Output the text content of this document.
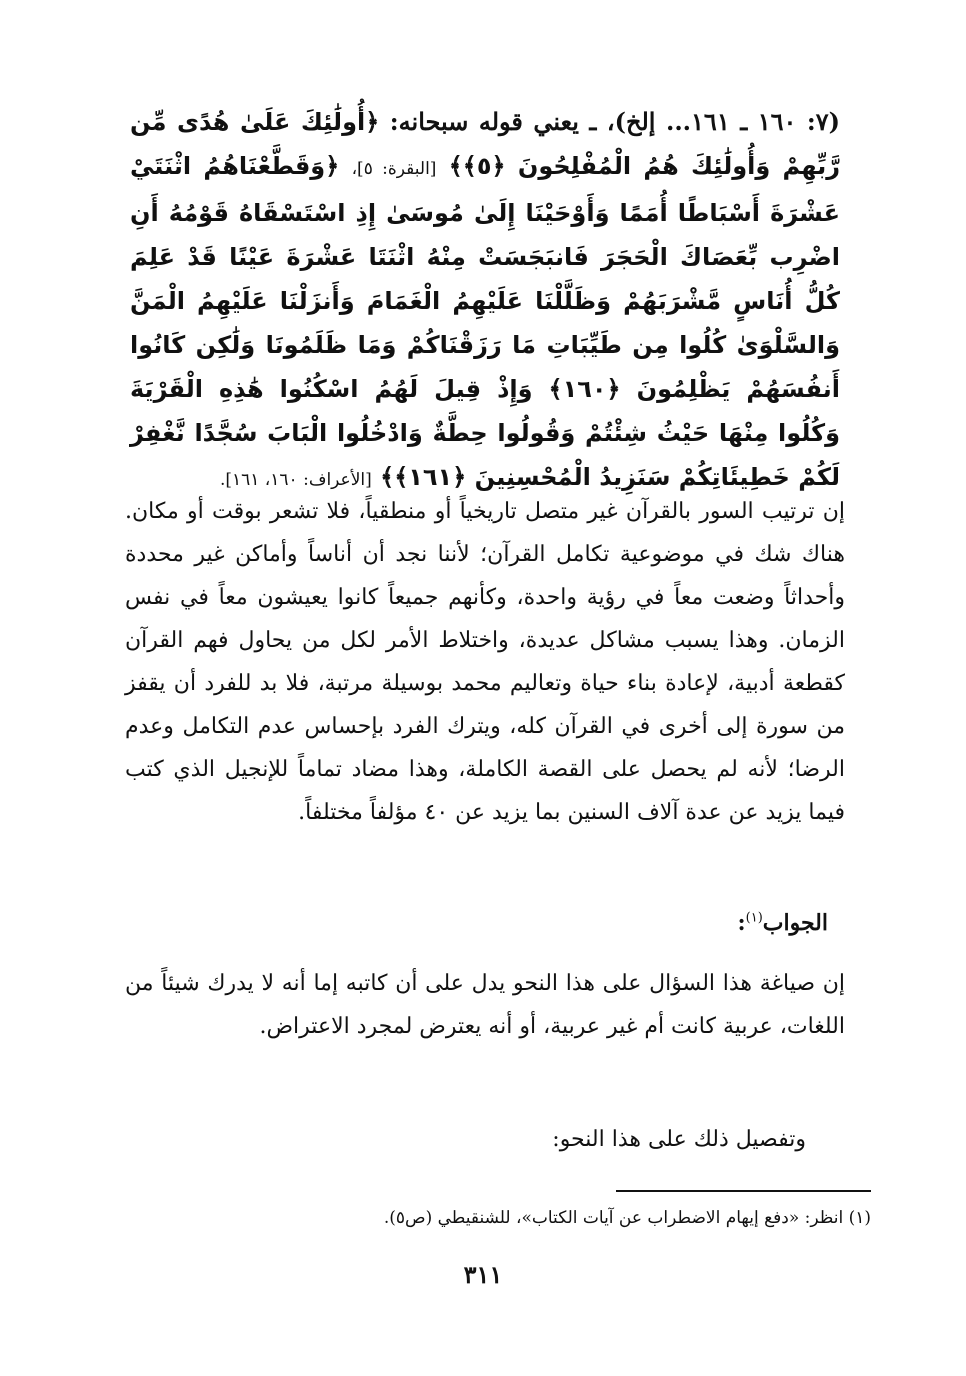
(٧: ١٦٠ ـ ١٦١... إلخ)، ـ يعني قوله سبحانه: ﴿أُولَٰئِكَ عَلَىٰ هُدًى مِّن رَّبِّهِمْ وَأُولَٰئِكَ هُمُ الْمُفْلِحُونَ ﴿٥﴾﴾ [البقرة: ٥]، ﴿وَقَطَّعْنَاهُمُ اثْنَتَيْ عَشْرَةَ أَسْبَاطًا أُمَمًا وَأَوْحَيْنَا إِلَىٰ مُوسَىٰ إِذِ اسْتَسْقَاهُ قَوْمُهُ أَنِ اضْرِب بِّعَصَاكَ الْحَجَرَ فَانبَجَسَتْ مِنْهُ اثْنَتَا عَشْرَةَ عَيْنًا قَدْ عَلِمَ كُلُّ أُنَاسٍ مَّشْرَبَهُمْ وَظَلَّلْنَا عَلَيْهِمُ الْغَمَامَ وَأَنزَلْنَا عَلَيْهِمُ الْمَنَّ وَالسَّلْوَىٰ كُلُوا مِن طَيِّبَاتِ مَا رَزَقْنَاكُمْ وَمَا ظَلَمُونَا وَلَٰكِن كَانُوا أَنفُسَهُمْ يَظْلِمُونَ ﴿١٦٠﴾ وَإِذْ قِيلَ لَهُمُ اسْكُنُوا هَٰذِهِ الْقَرْيَةَ وَكُلُوا مِنْهَا حَيْثُ شِئْتُمْ وَقُولُوا حِطَّةٌ وَادْخُلُوا الْبَابَ سُجَّدًا نَّغْفِرْ لَكُمْ خَطِيئَاتِكُمْ سَنَزِيدُ الْمُحْسِنِينَ ﴿١٦١﴾﴾ [الأعراف: ١٦٠، ١٦١].

إن ترتيب السور بالقرآن غير متصل تاريخياً أو منطقياً، فلا تشعر بوقت أو مكان. هناك شك في موضوعية تكامل القرآن؛ لأننا نجد أن أناساً وأماكن غير محددة وأحداثاً وضعت معاً في رؤية واحدة، وكأنهم جميعاً كانوا يعيشون معاً في نفس الزمان. وهذا يسبب مشاكل عديدة، واختلاط الأمر لكل من يحاول فهم القرآن كقطعة أدبية، لإعادة بناء حياة وتعاليم محمد بوسيلة مرتبة، فلا بد للفرد أن يقفز من سورة إلى أخرى في القرآن كله، ويترك الفرد بإحساس عدم التكامل وعدم الرضا؛ لأنه لم يحصل على القصة الكاملة، وهذا مضاد تماماً للإنجيل الذي كتب فيما يزيد عن عدة آلاف السنين بما يزيد عن ٤٠ مؤلفاً مختلفاً.

الجواب$^{(١)}$:

إن صياغة هذا السؤال على هذا النحو يدل على أن كاتبه إما أنه لا يدرك شيئاً من اللغات، عربية كانت أم غير عربية، أو أنه يعترض لمجرد الاعتراض.

وتفصيل ذلك على هذا النحو:

(١) انظر: «دفع إيهام الاضطراب عن آيات الكتاب»، للشنقيطي (ص٥).

٣١١
